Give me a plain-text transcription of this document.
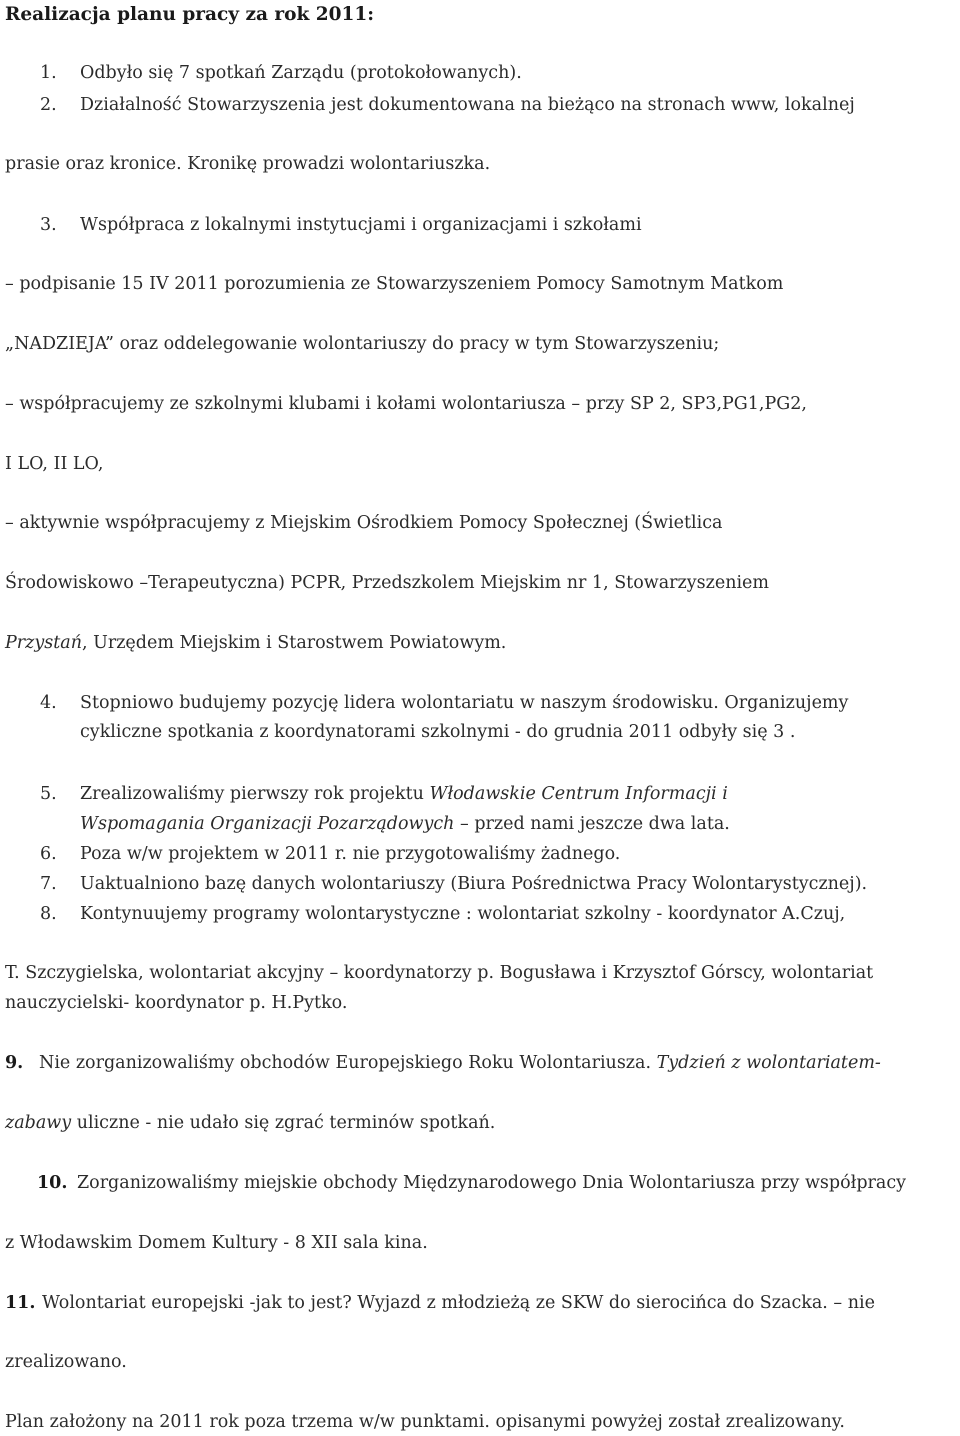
Realizacja planu pracy za rok 2011:
1. Odbyło się 7 spotkań Zarządu (protokołowanych).
2. Działalność Stowarzyszenia jest dokumentowana na bieżąco na stronach www, lokalnej
prasie oraz kronice. Kronikę prowadzi wolontariuszka.
3. Współpraca z lokalnymi instytucjami i organizacjami i szkołami
– podpisanie 15 IV 2011 porozumienia ze Stowarzyszeniem Pomocy Samotnym Matkom
„NADZIEJA” oraz oddelegowanie wolontariuszy do pracy w tym Stowarzyszeniu;
– współpracujemy ze szkolnymi klubami i kołami wolontariusza – przy SP 2, SP3,PG1,PG2,
I LO, II LO,
– aktywnie współpracujemy z Miejskim Ośrodkiem Pomocy Społecznej (Świetlica
Środowiskowo –Terapeutyczna) PCPR, Przedszkolem Miejskim nr 1, Stowarzyszeniem
Przystań, Urzędem Miejskim i Starostwem Powiatowym.
4. Stopniowo budujemy pozycję lidera wolontariatu w naszym środowisku. Organizujemy
cykliczne spotkania z koordynatorami szkolnymi - do grudnia 2011 odbyły się 3 .
5. Zrealizowaliśmy pierwszy rok projektu Włodawskie Centrum Informacji i
Wspomagania Organizacji Pozarządowych – przed nami jeszcze dwa lata.
6. Poza w/w projektem w 2011 r. nie przygotowaliśmy żadnego.
7. Uaktualniono bazę danych wolontariuszy (Biura Pośrednictwa Pracy Wolontarystycznej).
8. Kontynuujemy programy wolontarystyczne : wolontariat szkolny - koordynator A.Czuj,
T. Szczygielska, wolontariat akcyjny – koordynatorzy p. Bogusława i Krzysztof Górscy, wolontariat
nauczycielski- koordynator p. H.Pytko.
9. Nie zorganizowaliśmy obchodów Europejskiego Roku Wolontariusza. Tydzień z wolontariatem-
zabawy uliczne - nie udało się zgrać terminów spotkań.
10. Zorganizowaliśmy miejskie obchody Międzynarodowego Dnia Wolontariusza przy współpracy
z Włodawskim Domem Kultury - 8 XII sala kina.
11. Wolontariat europejski -jak to jest? Wyjazd z młodzieżą ze SKW do sierocińca do Szacka. – nie
zrealizowano.
Plan założony na 2011 rok poza trzema w/w punktami. opisanymi powyżej został zrealizowany.
